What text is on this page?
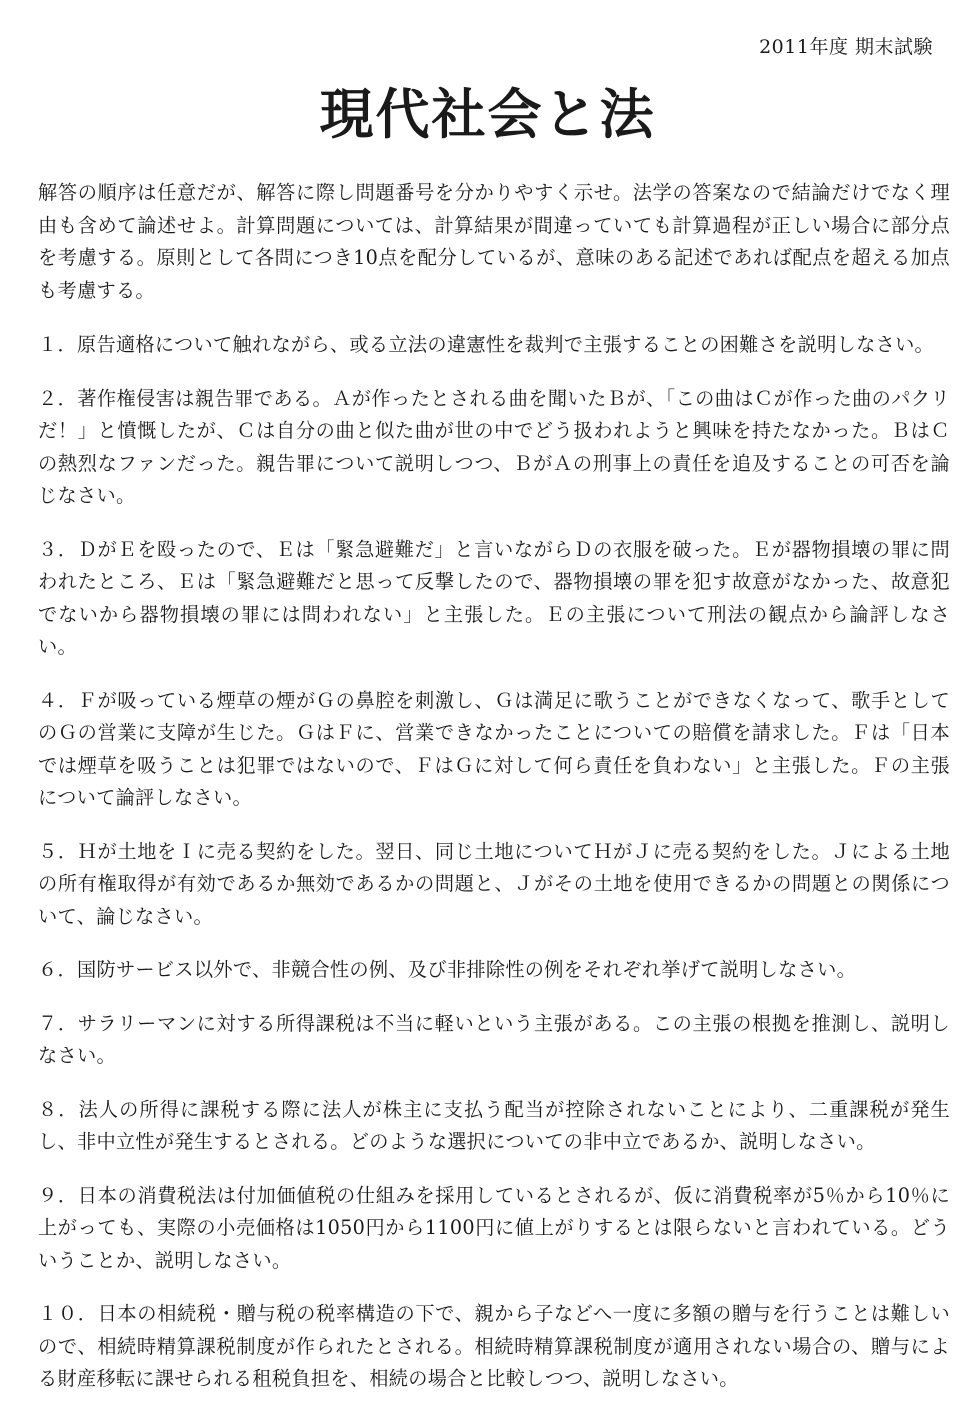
2011年度 期末試験
現代社会と法

解答の順序は任意だが、解答に際し問題番号を分かりやすく示せ。法学の答案なので結論だけでなく理由も含めて論述せよ。計算問題については、計算結果が間違っていても計算過程が正しい場合に部分点を考慮する。原則として各問につき10点を配分しているが、意味のある記述であれば配点を超える加点も考慮する。

１．原告適格について触れながら、或る立法の違憲性を裁判で主張することの困難さを説明しなさい。

２．著作権侵害は親告罪である。Ａが作ったとされる曲を聞いたＢが、「この曲はＣが作った曲のパクリだ！」と憤慨したが、Ｃは自分の曲と似た曲が世の中でどう扱われようと興味を持たなかった。ＢはＣの熱烈なファンだった。親告罪について説明しつつ、ＢがＡの刑事上の責任を追及することの可否を論じなさい。

３．ＤがＥを殴ったので、Ｅは「緊急避難だ」と言いながらＤの衣服を破った。Ｅが器物損壊の罪に問われたところ、Ｅは「緊急避難だと思って反撃したので、器物損壊の罪を犯す故意がなかった、故意犯でないから器物損壊の罪には問われない」と主張した。Ｅの主張について刑法の観点から論評しなさい。

４．Ｆが吸っている煙草の煙がＧの鼻腔を刺激し、Ｇは満足に歌うことができなくなって、歌手としてのＧの営業に支障が生じた。ＧはＦに、営業できなかったことについての賠償を請求した。Ｆは「日本では煙草を吸うことは犯罪ではないので、ＦはＧに対して何ら責任を負わない」と主張した。Ｆの主張について論評しなさい。

５．Ｈが土地をＩに売る契約をした。翌日、同じ土地についてＨがＪに売る契約をした。Ｊによる土地の所有権取得が有効であるか無効であるかの問題と、Ｊがその土地を使用できるかの問題との関係について、論じなさい。

６．国防サービス以外で、非競合性の例、及び非排除性の例をそれぞれ挙げて説明しなさい。

７．サラリーマンに対する所得課税は不当に軽いという主張がある。この主張の根拠を推測し、説明しなさい。

８．法人の所得に課税する際に法人が株主に支払う配当が控除されないことにより、二重課税が発生し、非中立性が発生するとされる。どのような選択についての非中立であるか、説明しなさい。

９．日本の消費税法は付加価値税の仕組みを採用しているとされるが、仮に消費税率が5％から10％に上がっても、実際の小売価格は1050円から1100円に値上がりするとは限らないと言われている。どういうことか、説明しなさい。

１０．日本の相続税・贈与税の税率構造の下で、親から子などへ一度に多額の贈与を行うことは難しいので、相続時精算課税制度が作られたとされる。相続時精算課税制度が適用されない場合の、贈与による財産移転に課せられる租税負担を、相続の場合と比較しつつ、説明しなさい。
